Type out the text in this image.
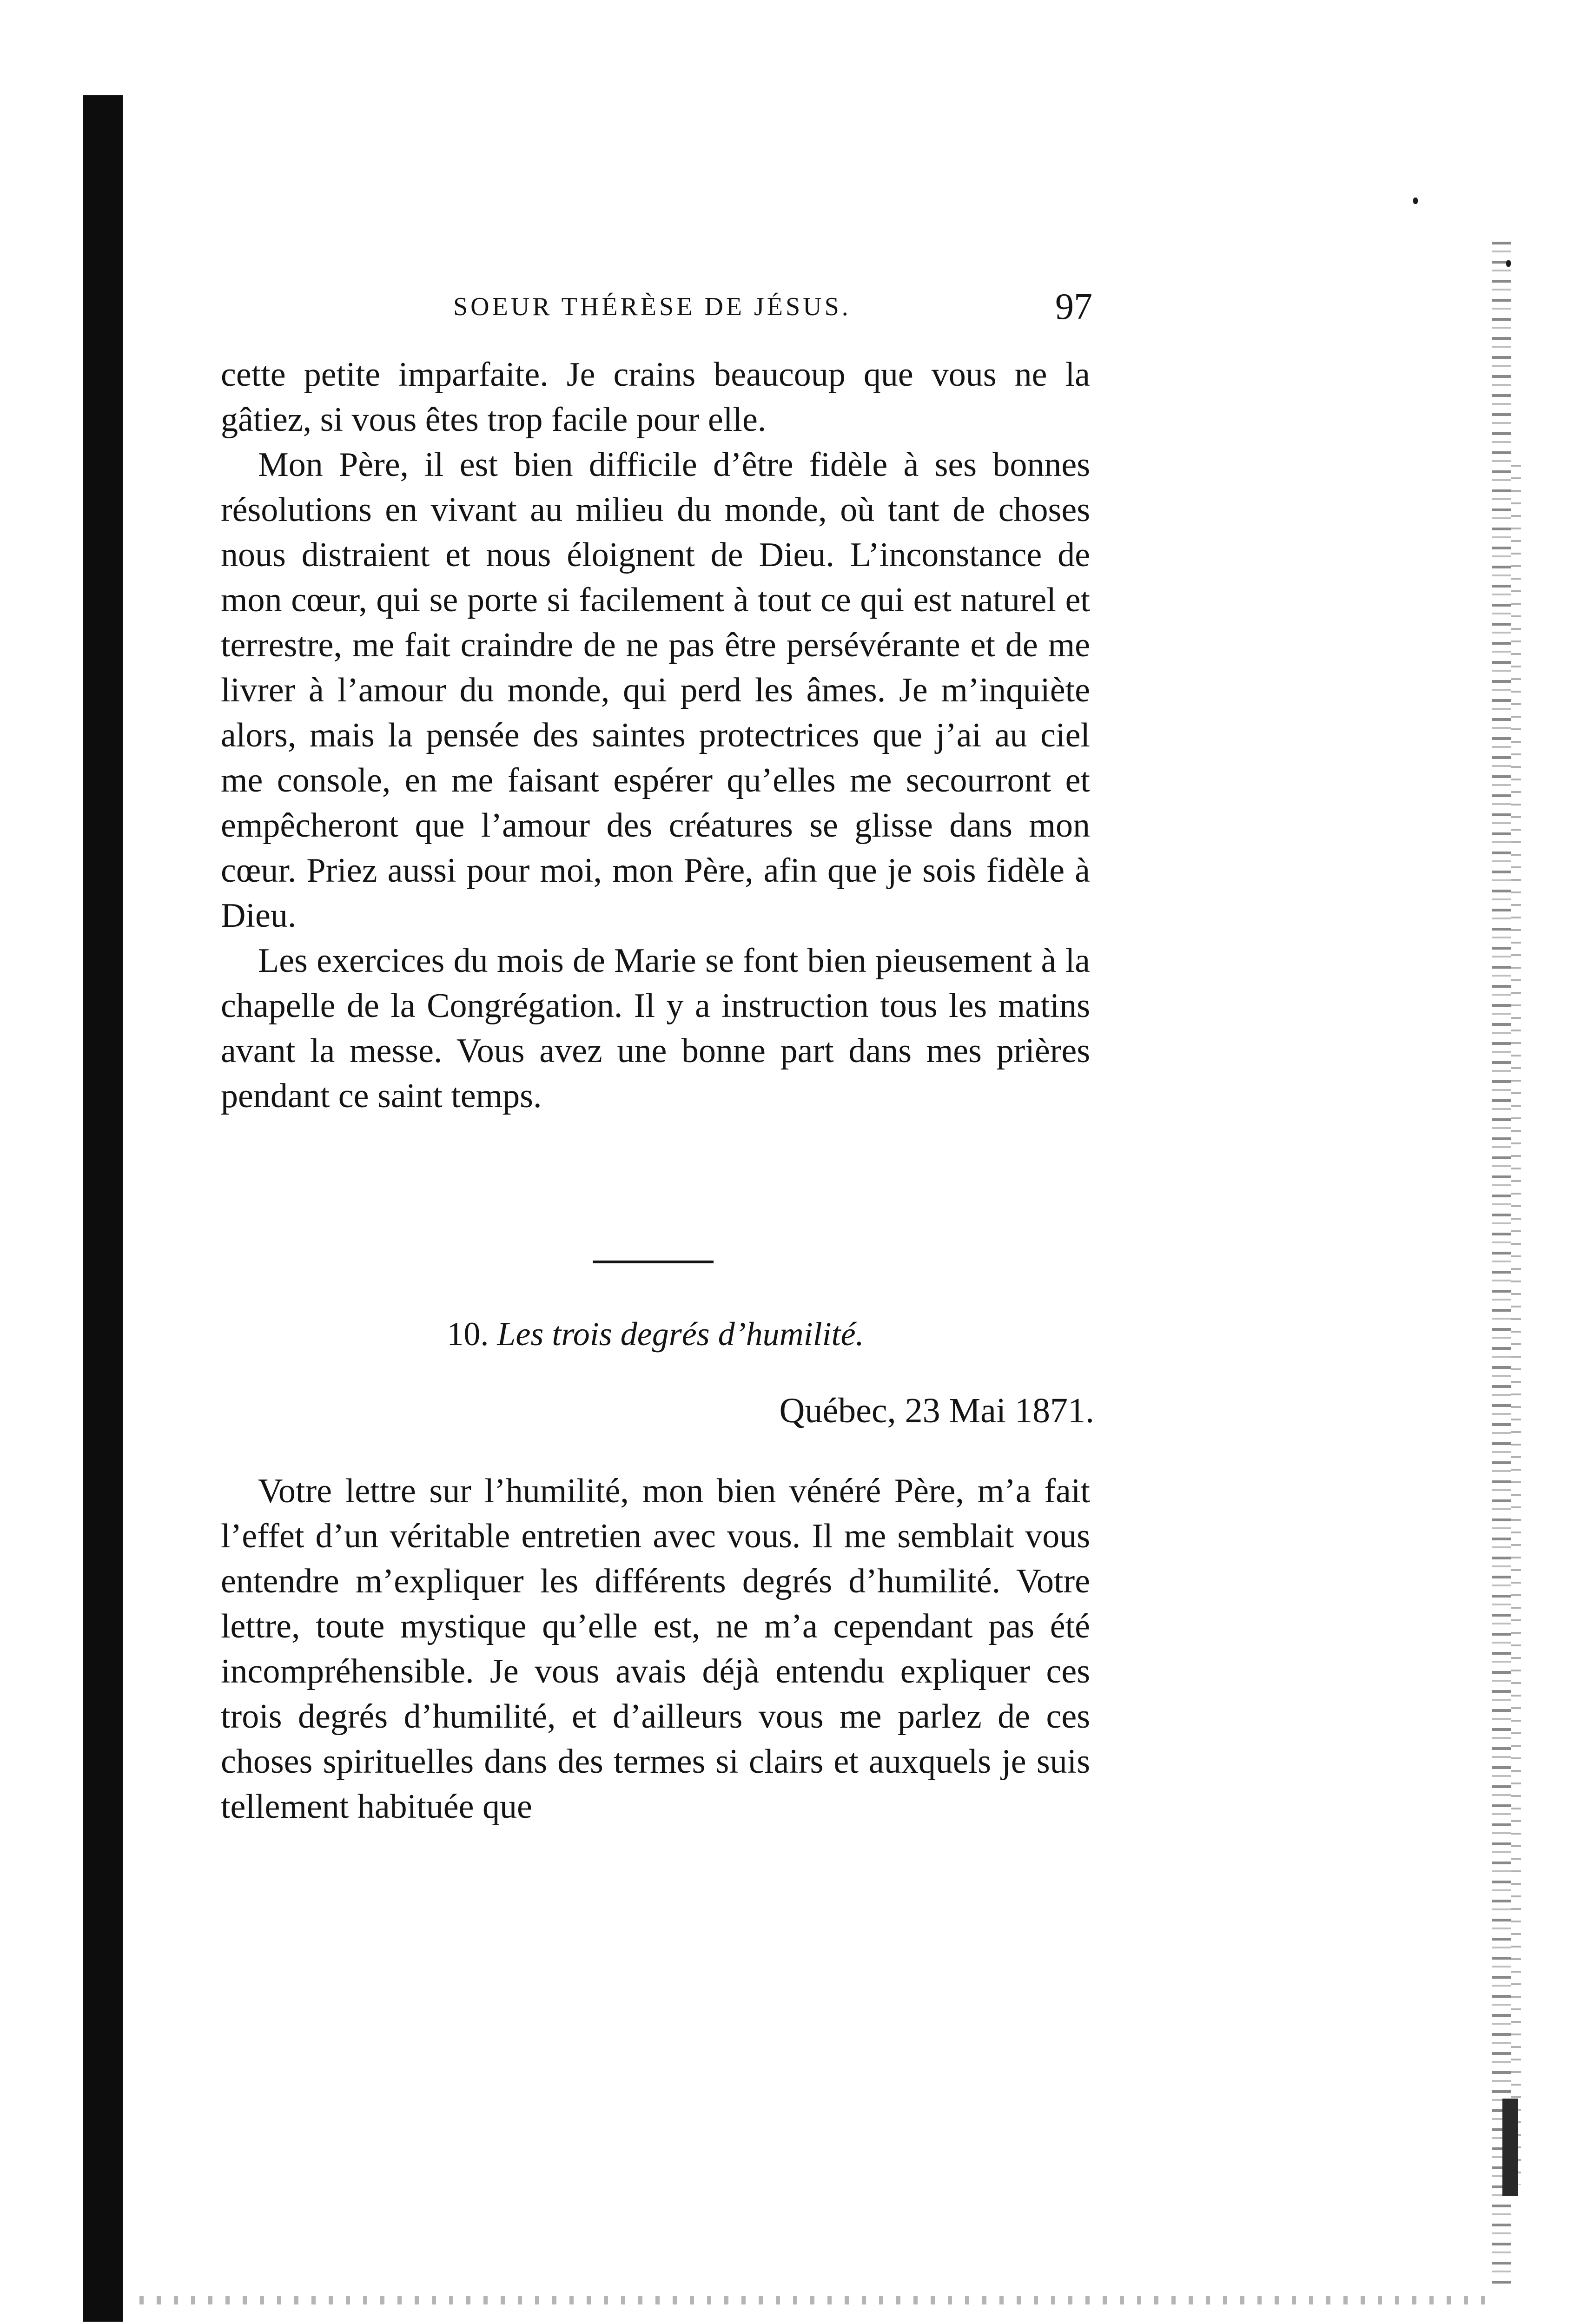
SOEUR THÉRÈSE DE JÉSUS.	97

cette petite imparfaite. Je crains beaucoup que vous ne la gâtiez, si vous êtes trop facile pour elle.

Mon Père, il est bien difficile d’être fidèle à ses bonnes résolutions en vivant au milieu du monde, où tant de choses nous distraient et nous éloignent de Dieu. L’inconstance de mon cœur, qui se porte si facilement à tout ce qui est naturel et terrestre, me fait craindre de ne pas être persévérante et de me livrer à l’amour du monde, qui perd les âmes. Je m’inquiète alors, mais la pensée des saintes protectrices que j’ai au ciel me console, en me faisant espérer qu’elles me secourront et empêcheront que l’amour des créatures se glisse dans mon cœur. Priez aussi pour moi, mon Père, afin que je sois fidèle à Dieu.

Les exercices du mois de Marie se font bien pieusement à la chapelle de la Congrégation. Il y a instruction tous les matins avant la messe. Vous avez une bonne part dans mes prières pendant ce saint temps.

10. Les trois degrés d’humilité.
Québec, 23 Mai 1871.

Votre lettre sur l’humilité, mon bien vénéré Père, m’a fait l’effet d’un véritable entretien avec vous. Il me semblait vous entendre m’expliquer les différents degrés d’humilité. Votre lettre, toute mystique qu’elle est, ne m’a cependant pas été incompréhensible. Je vous avais déjà entendu expliquer ces trois degrés d’humilité, et d’ailleurs vous me parlez de ces choses spirituelles dans des termes si clairs et auxquels je suis tellement habituée que
